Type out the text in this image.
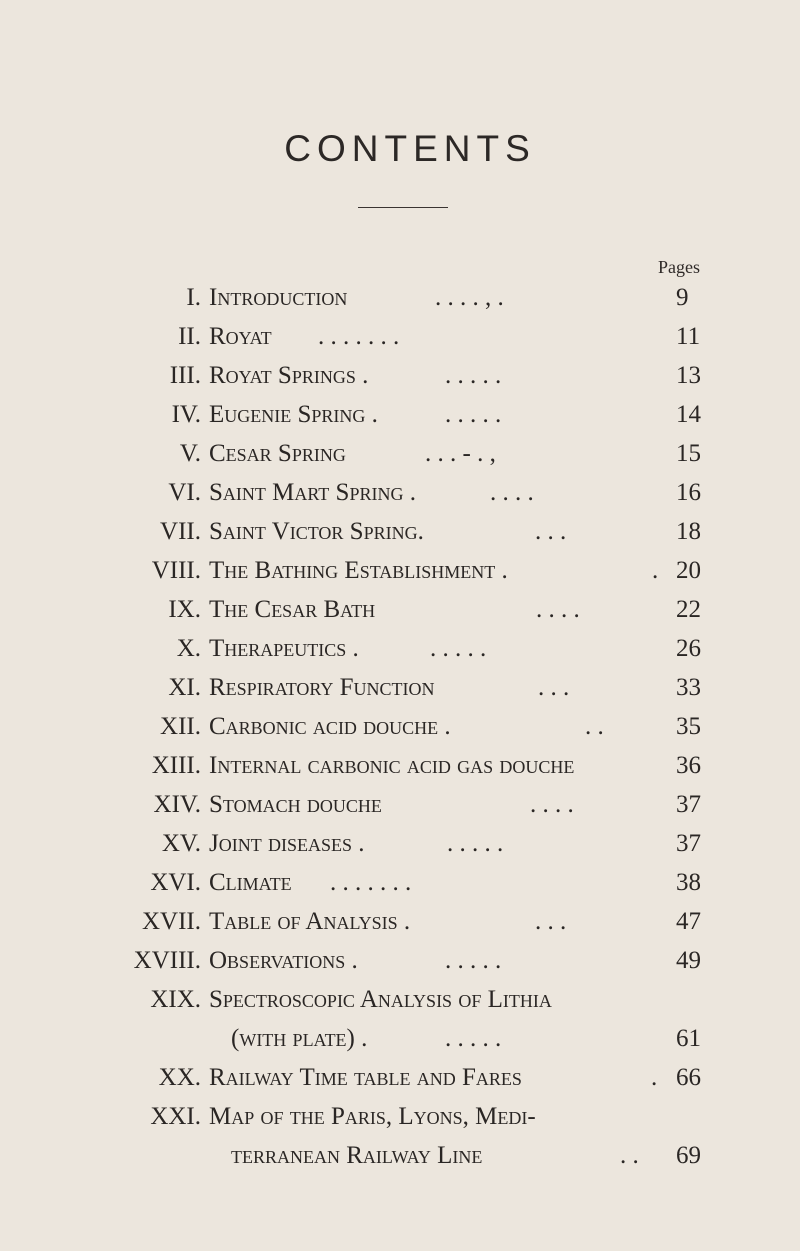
CONTENTS
Pages
I. Introduction	. . . . , .	9
II. Royat . . . . . . .	11
III. Royat Springs .	. . . . .	13
IV. Eugenie Spring .	. . . . .	14
V. Cesar Spring	. . . - . ,	15
VI. Saint Mart Spring .	. . . .	16
VII. Saint Victor Spring.	. . .	18
VIII. The Bathing Establishment .	. 20
IX. The Cesar Bath	. . . .	22
X. Therapeutics .	. . . . .	26
XI. Respiratory Function	. . .	33
XII. Carbonic acid douche .	. .	35
XIII. Internal carbonic acid gas douche	36
XIV. Stomach douche	. . . .	37
XV. Joint diseases .	. . . . .	37
XVI. Climate . . . . . . .	38
XVII. Table of Analysis .	. . .	47
XVIII. Observations .	. . . . .	49
XIX. Spectroscopic Analysis of Lithia
(with plate) .	. . . . .	61
XX. Railway Time table and Fares	. 66
XXI. Map of the Paris, Lyons, Medi-
terranean Railway Line	. . 69
